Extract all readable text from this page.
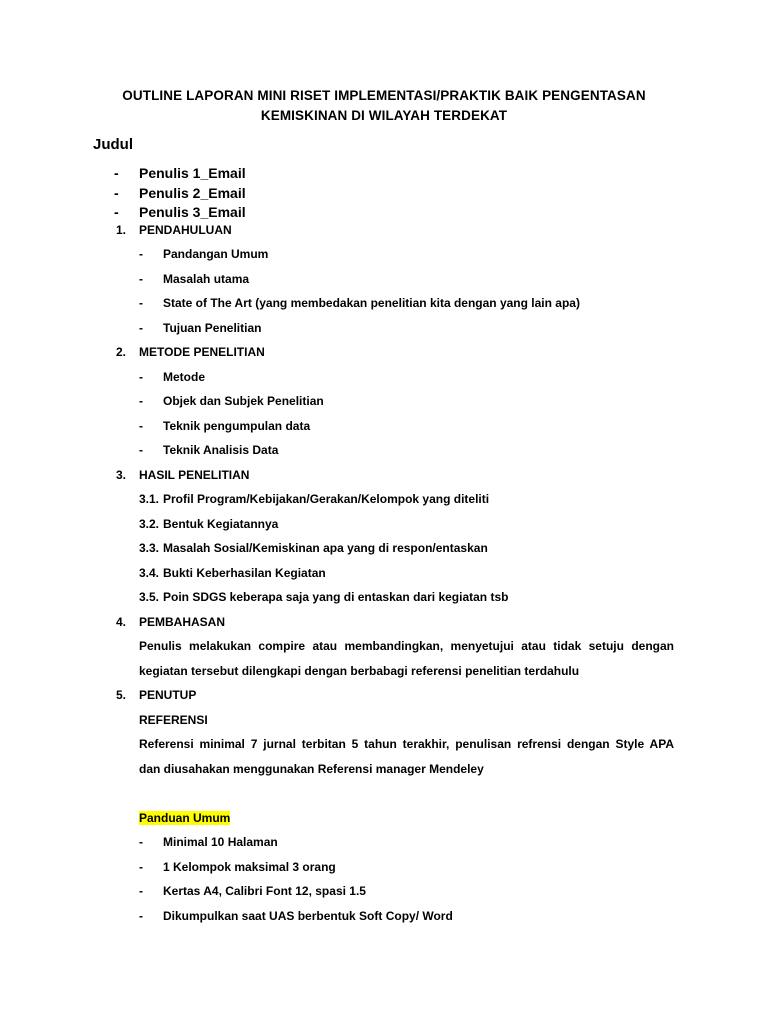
OUTLINE LAPORAN MINI RISET IMPLEMENTASI/PRAKTIK BAIK PENGENTASAN
KEMISKINAN DI WILAYAH TERDEKAT
Judul
- Penulis 1_Email
- Penulis 2_Email
- Penulis 3_Email
1. PENDAHULUAN
- Pandangan Umum
- Masalah utama
- State of The Art (yang membedakan penelitian kita dengan yang lain apa)
- Tujuan Penelitian
2. METODE PENELITIAN
- Metode
- Objek dan Subjek Penelitian
- Teknik pengumpulan data
- Teknik Analisis Data
3. HASIL PENELITIAN
3.1. Profil Program/Kebijakan/Gerakan/Kelompok yang diteliti
3.2. Bentuk Kegiatannya
3.3. Masalah Sosial/Kemiskinan apa yang di respon/entaskan
3.4. Bukti Keberhasilan Kegiatan
3.5. Poin SDGS keberapa saja yang di entaskan dari kegiatan tsb
4. PEMBAHASAN
Penulis melakukan compire atau membandingkan, menyetujui atau tidak setuju dengan
kegiatan tersebut dilengkapi dengan berbabagi referensi penelitian terdahulu
5. PENUTUP
REFERENSI
Referensi minimal 7 jurnal terbitan 5 tahun terakhir, penulisan refrensi dengan Style APA
dan diusahakan menggunakan Referensi manager Mendeley
Panduan Umum
- Minimal 10 Halaman
- 1 Kelompok maksimal 3 orang
- Kertas A4, Calibri Font 12, spasi 1.5
- Dikumpulkan saat UAS berbentuk Soft Copy/ Word
